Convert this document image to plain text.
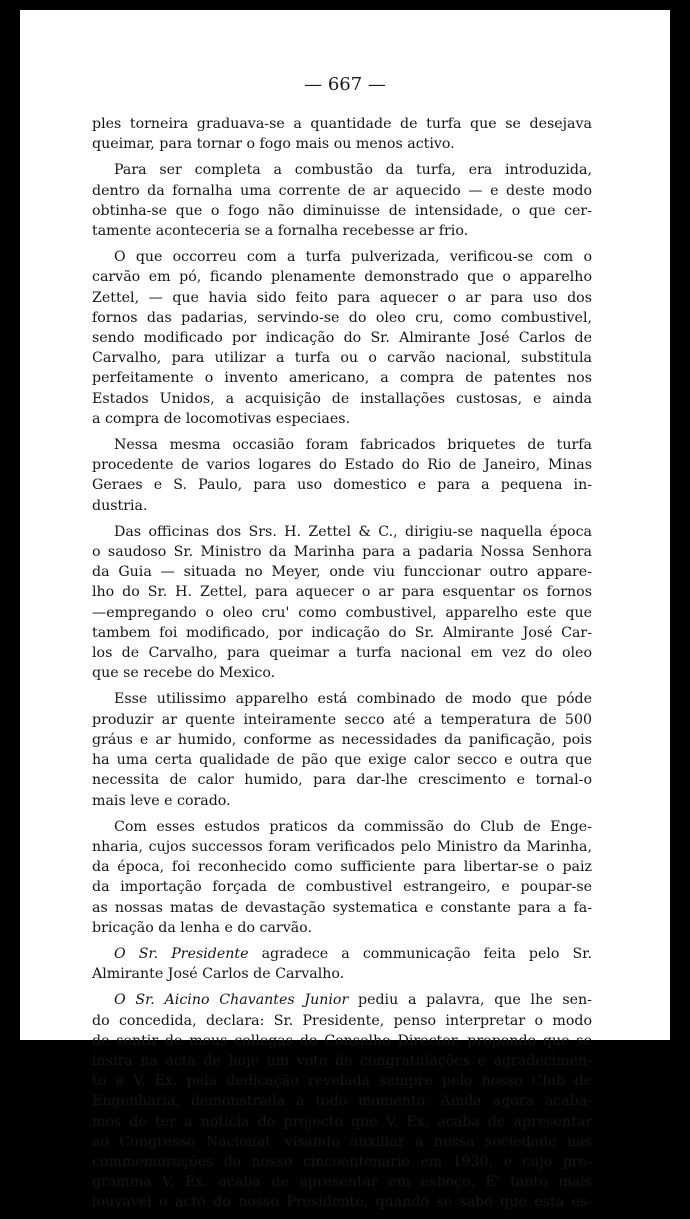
— 667 —
ples torneira graduava-se a quantidade de turfa que se desejava
queimar, para tornar o fogo mais ou menos activo.
Para ser completa a combustão da turfa, era introduzida,
dentro da fornalha uma corrente de ar aquecido — e deste modo
obtinha-se que o fogo não diminuisse de intensidade, o que cer-
tamente aconteceria se a fornalha recebesse ar frio.
O que occorreu com a turfa pulverizada, verificou-se com o
carvão em pó, ficando plenamente demonstrado que o apparelho
Zettel, — que havia sido feito para aquecer o ar para uso dos
fornos das padarias, servindo-se do oleo cru, como combustivel,
sendo modificado por indicação do Sr. Almirante José Carlos de
Carvalho, para utilizar a turfa ou o carvão nacional, substitula
perfeitamente o invento americano, a compra de patentes nos
Estados Unidos, a acquisição de installações custosas, e ainda
a compra de locomotivas especiaes.
Nessa mesma occasião foram fabricados briquetes de turfa
procedente de varios logares do Estado do Rio de Janeiro, Minas
Geraes e S. Paulo, para uso domestico e para a pequena in-
dustria.
Das officinas dos Srs. H. Zettel & C., dirigiu-se naquella época
o saudoso Sr. Ministro da Marinha para a padaria Nossa Senhora
da Guia — situada no Meyer, onde viu funccionar outro appare-
lho do Sr. H. Zettel, para aquecer o ar para esquentar os fornos
—empregando o oleo cru' como combustivel, apparelho este que
tambem foi modificado, por indicação do Sr. Almirante José Car-
los de Carvalho, para queimar a turfa nacional em vez do oleo
que se recebe do Mexico.
Esse utilissimo apparelho está combinado de modo que póde
produzir ar quente inteiramente secco até a temperatura de 500
gráus e ar humido, conforme as necessidades da panificação, pois
ha uma certa qualidade de pão que exige calor secco e outra que
necessita de calor humido, para dar-lhe crescimento e tornal-o
mais leve e corado.
Com esses estudos praticos da commissão do Club de Enge-
nharia, cujos successos foram verificados pelo Ministro da Marinha,
da época, foi reconhecido como sufficiente para libertar-se o paiz
da importação forçada de combustivel estrangeiro, e poupar-se
as nossas matas de devastação systematica e constante para a fa-
bricação da lenha e do carvão.
O Sr. Presidente agradece a communicação feita pelo Sr.
Almirante José Carlos de Carvalho.
O Sr. Aicino Chavantes Junior pediu a palavra, que lhe sen-
do concedida, declara: Sr. Presidente, penso interpretar o modo
de sentir de meus collegas do Conselho Director, propondo que se
insira na acta de hoje um voto de congratulações e agradecimen-
to a V. Ex. pela dedicação revelada sempre pelo nosso Club de
Engenharia, demonstrada a todo momento. Ainda agora acaba-
mos de ter a noticia do projecto que V. Ex. acaba de apresentar
ao Congresso Nacional, visando auxiliar a nossa sociedade nas
commemorações do nosso cincoentenario em 1930, e cujo pro-
gramma V. Ex. acaba de apresentar em esboço. E' tanto mais
louvavel o acto do nosso Presidente, quando se sabe que esta es-
